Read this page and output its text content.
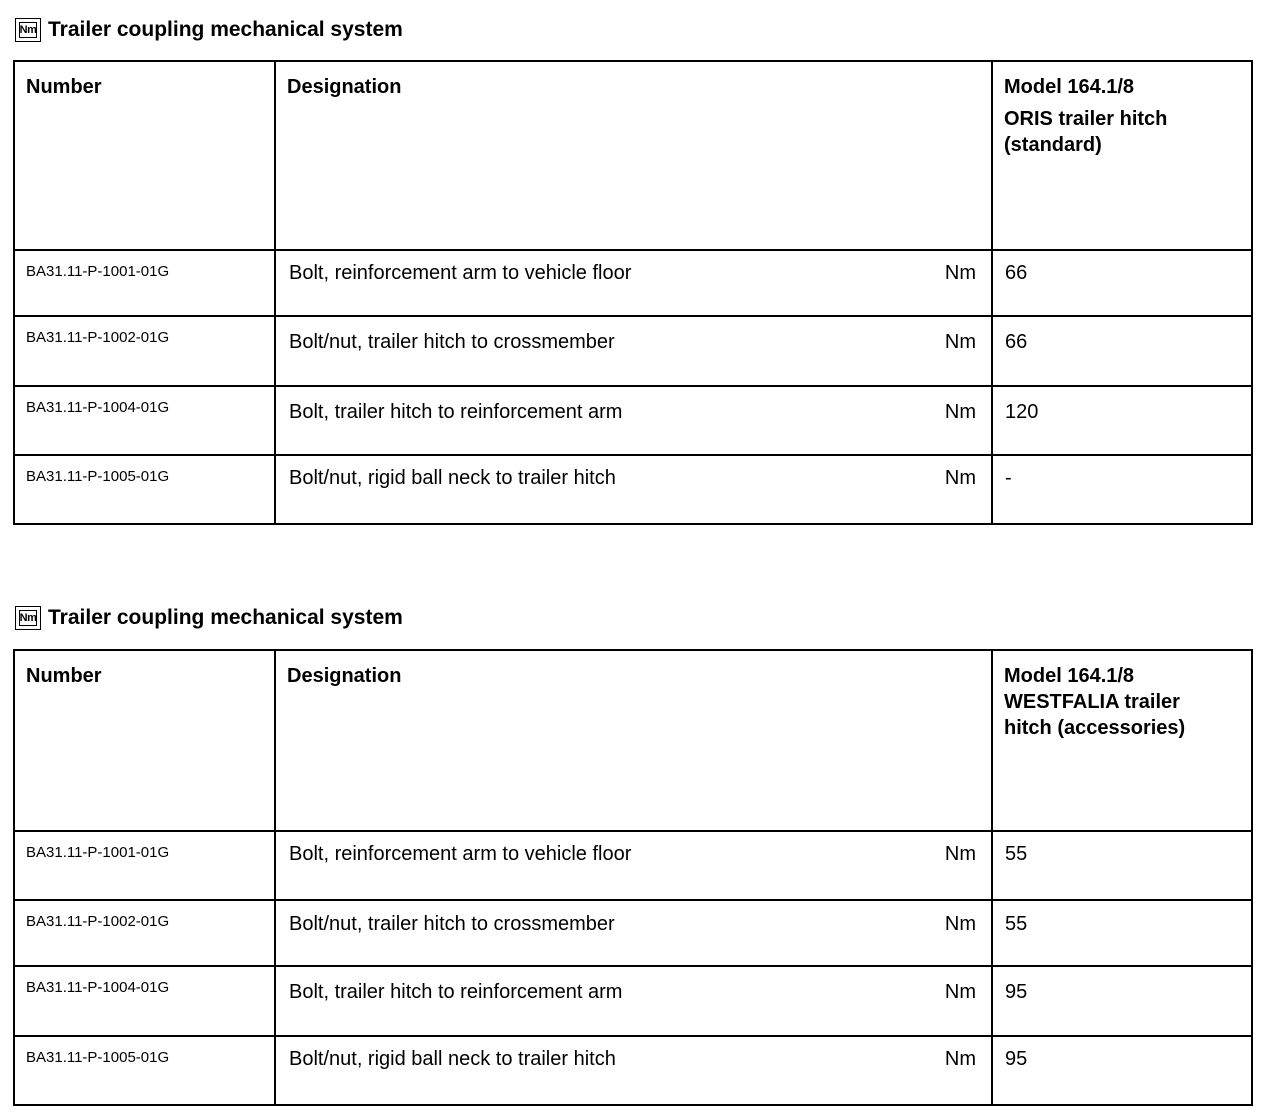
Nm Trailer coupling mechanical system
Number	Designation	Model 164.1/8
ORIS trailer hitch (standard)

BA31.11-P-1001-01G	Bolt, reinforcement arm to vehicle floor Nm	66
BA31.11-P-1002-01G	Bolt/nut, trailer hitch to crossmember Nm	66
BA31.11-P-1004-01G	Bolt, trailer hitch to reinforcement arm Nm	120
BA31.11-P-1005-01G	Bolt/nut, rigid ball neck to trailer hitch Nm	-
Nm Trailer coupling mechanical system
Number	Designation	Model 164.1/8
WESTFALIA trailer hitch (accessories)

BA31.11-P-1001-01G	Bolt, reinforcement arm to vehicle floor Nm	55
BA31.11-P-1002-01G	Bolt/nut, trailer hitch to crossmember Nm	55
BA31.11-P-1004-01G	Bolt, trailer hitch to reinforcement arm Nm	95
BA31.11-P-1005-01G	Bolt/nut, rigid ball neck to trailer hitch Nm	95
